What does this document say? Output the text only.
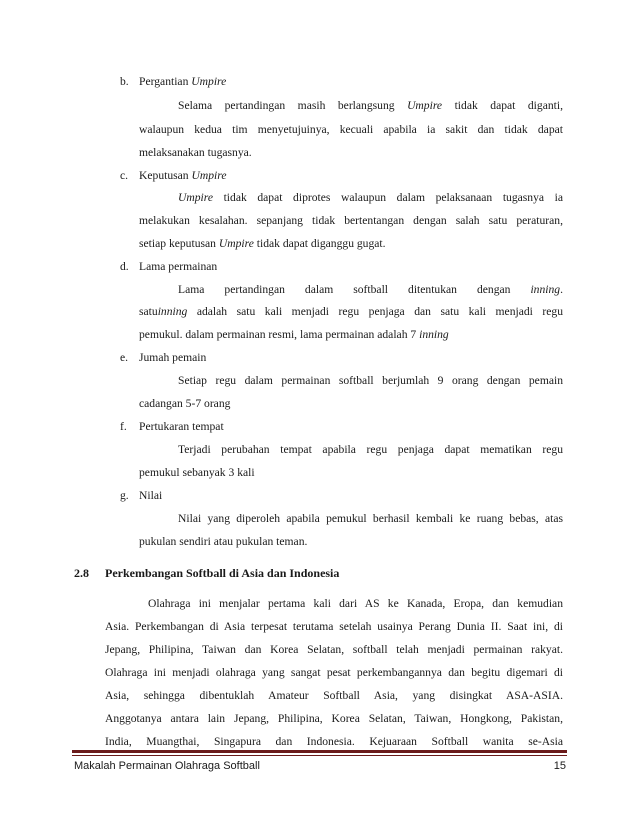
b. Pergantian Umpire
Selama pertandingan masih berlangsung Umpire tidak dapat diganti,
walaupun kedua tim menyetujuinya, kecuali apabila ia sakit dan tidak dapat
melaksanakan tugasnya.
c. Keputusan Umpire
Umpire tidak dapat diprotes walaupun dalam pelaksanaan tugasnya ia
melakukan kesalahan. sepanjang tidak bertentangan dengan salah satu peraturan,
setiap keputusan Umpire tidak dapat diganggu gugat.
d. Lama permainan
Lama pertandingan dalam softball ditentukan dengan inning.
satuinning adalah satu kali menjadi regu penjaga dan satu kali menjadi regu
pemukul. dalam permainan resmi, lama permainan adalah 7 inning
e. Jumah pemain
Setiap regu dalam permainan softball berjumlah 9 orang dengan pemain
cadangan 5-7 orang
f. Pertukaran tempat
Terjadi perubahan tempat apabila regu penjaga dapat mematikan regu
pemukul sebanyak 3 kali
g. Nilai
Nilai yang diperoleh apabila pemukul berhasil kembali ke ruang bebas, atas
pukulan sendiri atau pukulan teman.
2.8 Perkembangan Softball di Asia dan Indonesia
Olahraga ini menjalar pertama kali dari AS ke Kanada, Eropa, dan kemudian
Asia. Perkembangan di Asia terpesat terutama setelah usainya Perang Dunia II. Saat ini, di
Jepang, Philipina, Taiwan dan Korea Selatan, softball telah menjadi permainan rakyat.
Olahraga ini menjadi olahraga yang sangat pesat perkembangannya dan begitu digemari di
Asia, sehingga dibentuklah Amateur Softball Asia, yang disingkat ASA-ASIA.
Anggotanya antara lain Jepang, Philipina, Korea Selatan, Taiwan, Hongkong, Pakistan,
India, Muangthai, Singapura dan Indonesia. Kejuaraan Softball wanita se-Asia
Makalah Permainan Olahraga Softball	15
